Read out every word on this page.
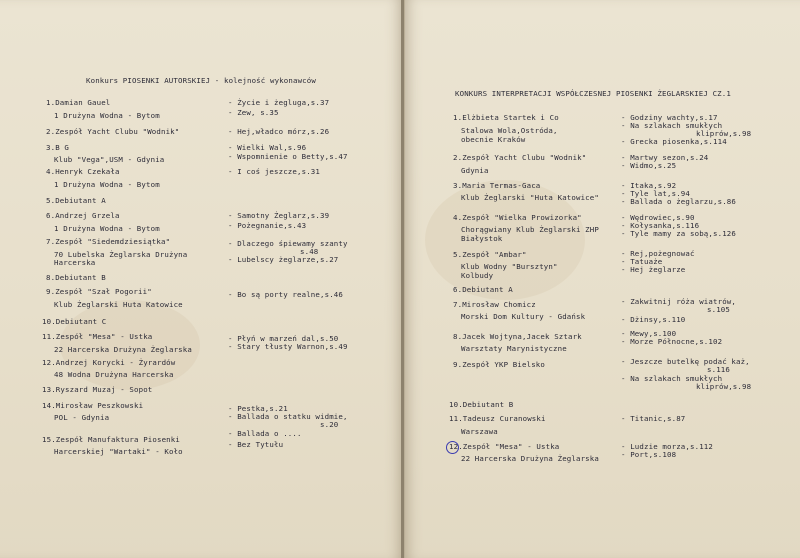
Konkurs PIOSENKI AUTORSKIEJ - kolejność wykonawców
1.Damian Gauel
1 Drużyna Wodna - Bytom
- Życie i żegluga,s.37
- Zew, s.35
2.Zespół Yacht Clubu "Wodnik"	- Hej,władco mórz,s.26
3.B G
Klub "Vega",USM - Gdynia
- Wielki Wal,s.96
- Wspomnienie o Betty,s.47
4.Henryk Czekała
1 Drużyna Wodna - Bytom
- I coś jeszcze,s.31
5.Debiutant A
6.Andrzej Grzela
1 Drużyna Wodna - Bytom
- Samotny Żeglarz,s.39
- Pożegnanie,s.43
7.Zespół "Siedemdziesiątka"
70 Lubelska Żeglarska Drużyna
Harcerska
- Dlaczego śpiewamy szanty
s.48
- Lubelscy żeglarze,s.27
8.Debiutant B
9.Zespół "Szał Pogorii"
Klub Żeglarski Huta Katowice
- Bo są porty realne,s.46
10.Debiutant C
11.Zespół "Mesa" - Ustka
22 Harcerska Drużyna Żeglarska
- Płyń w marzeń dal,s.50
- Stary tłusty Warnon,s.49
12.Andrzej Korycki - Żyrardów
48 Wodna Drużyna Harcerska
13.Ryszard Muzaj - Sopot
14.Mirosław Peszkowski
POL - Gdynia
- Pestka,s.21
- Ballada o statku widmie,
s.20
- Ballada o ....
15.Zespół Manufaktura Piosenki
Harcerskiej "Wartaki" - Koło
- Bez Tytułu
KONKURS INTERPRETACJI WSPÓŁCZESNEJ PIOSENKI ŻEGLARSKIEJ CZ.1
1.Elżbieta Startek i Co
Stalowa Wola,Ostróda,
obecnie Kraków
- Godziny wachty,s.17
- Na szlakach smukłych
kliprów,s.98
- Grecka piosenka,s.114
2.Zespół Yacht Clubu "Wodnik"
Gdynia
- Martwy sezon,s.24
- Widmo,s.25
3.Maria Termas-Gaca
Klub Żeglarski "Huta Katowice"
- Itaka,s.92
- Tyle lat,s.94
- Ballada o żeglarzu,s.86
4.Zespół "Wielka Prowizorka"
Chorągwiany Klub Żeglarski ZHP
Białystok
- Wędrowiec,s.90
- Kołysanka,s.116
- Tyle mamy za sobą,s.126
5.Zespół "Ambar"
Klub Wodny "Bursztyn"
Kolbudy
- Rej,pożegnować
- Tatuaże
- Hej żeglarze
6.Debiutant A
7.Mirosław Chomicz
Morski Dom Kultury - Gdańsk
- Zakwitnij róża wiatrów,
s.105
- Dżinsy,s.110
8.Jacek Wojtyna,Jacek Sztark
Warsztaty Marynistyczne
- Mewy,s.100
- Morze Północne,s.102
9.Zespół YKP Bielsko	- Jeszcze butelkę podać każ,
s.116
- Na szlakach smukłych
kliprów,s.98
10.Debiutant B
11.Tadeusz Curanowski
Warszawa
- Titanic,s.87
12.Zespół "Mesa" - Ustka
22 Harcerska Drużyna Żeglarska
- Ludzie morza,s.112
- Port,s.108
